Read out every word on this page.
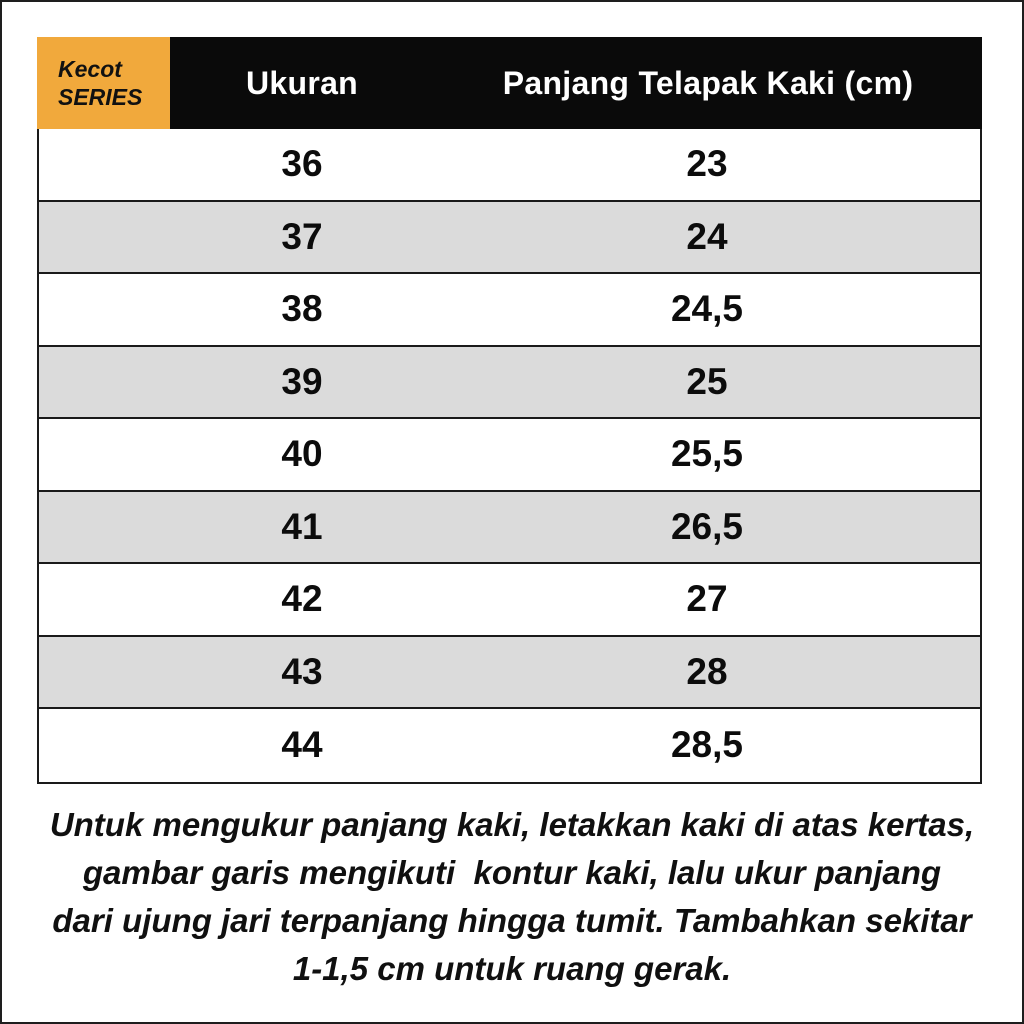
Kecot
SERIES	Ukuran	Panjang Telapak Kaki (cm)
36	23
37	24
38	24,5
39	25
40	25,5
41	26,5
42	27
43	28
44	28,5
Untuk mengukur panjang kaki, letakkan kaki di atas kertas,
gambar garis mengikuti  kontur kaki, lalu ukur panjang
dari ujung jari terpanjang hingga tumit. Tambahkan sekitar
1-1,5 cm untuk ruang gerak.
